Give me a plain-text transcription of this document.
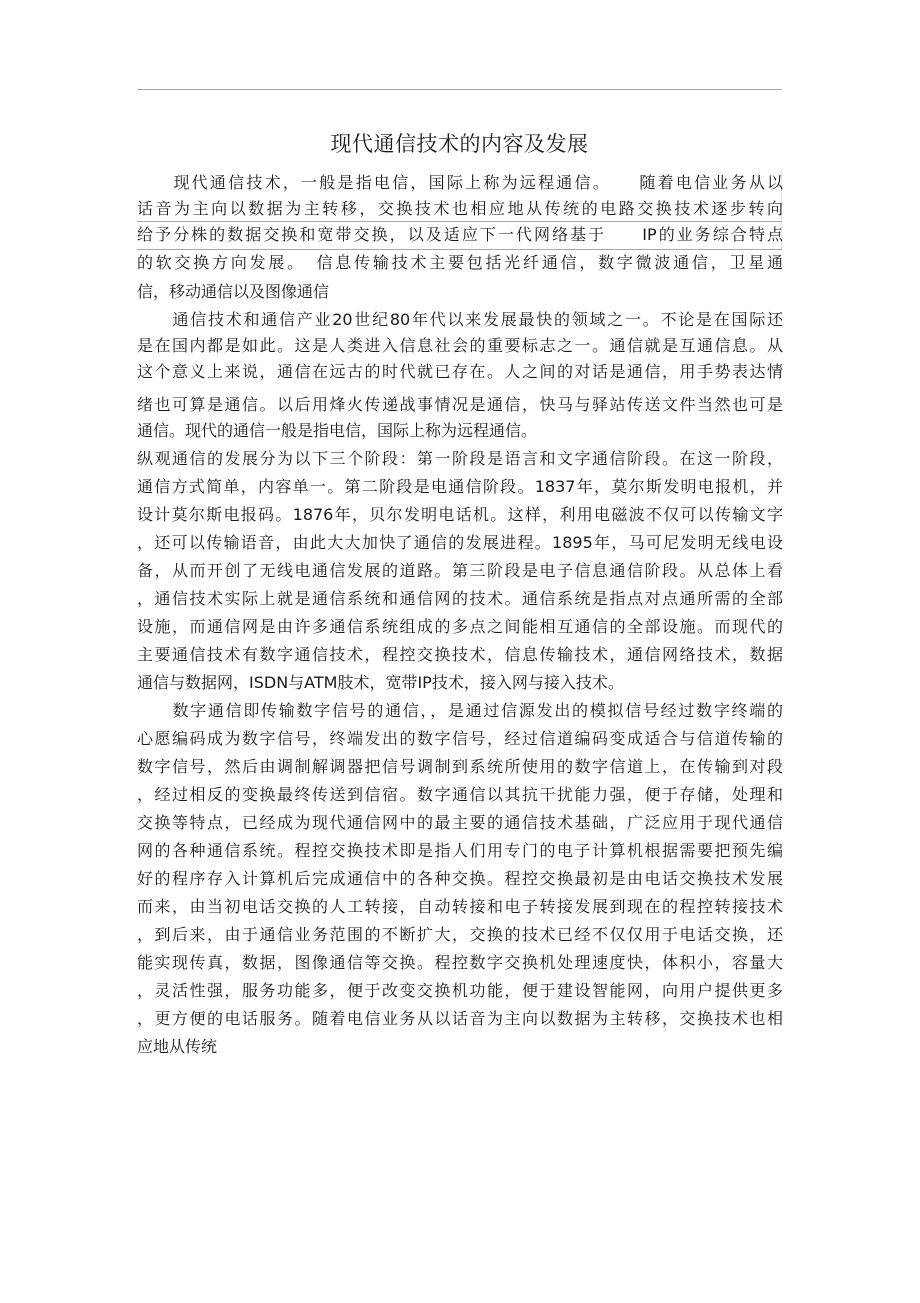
现代通信技术的内容及发展
　　现代通信技术，一般是指电信，国际上称为远程通信。　　随着电信业务从以
话音为主向以数据为主转移，交换技术也相应地从传统的电路交换技术逐步转向
给予分株的数据交换和宽带交换，以及适应下一代网络基于　　IP的业务综合特点
的软交换方向发展。　信息传输技术主要包括光纤通信，数字微波通信，卫星通
信，移动通信以及图像通信
　　通信技术和通信产业20世纪80年代以来发展最快的领域之一。不论是在国际还
是在国内都是如此。这是人类进入信息社会的重要标志之一。通信就是互通信息。从
这个意义上来说，通信在远古的时代就已存在。人之间的对话是通信，用手势表达情
绪也可算是通信。以后用烽火传递战事情况是通信，快马与驿站传送文件当然也可是
通信。现代的通信一般是指电信，国际上称为远程通信。
纵观通信的发展分为以下三个阶段：第一阶段是语言和文字通信阶段。在这一阶段，
通信方式简单，内容单一。第二阶段是电通信阶段。1837年，莫尔斯发明电报机，并
设计莫尔斯电报码。1876年，贝尔发明电话机。这样，利用电磁波不仅可以传输文字
，还可以传输语音，由此大大加快了通信的发展进程。1895年，马可尼发明无线电设
备，从而开创了无线电通信发展的道路。第三阶段是电子信息通信阶段。从总体上看
，通信技术实际上就是通信系统和通信网的技术。通信系统是指点对点通所需的全部
设施，而通信网是由许多通信系统组成的多点之间能相互通信的全部设施。而现代的
主要通信技术有数字通信技术，程控交换技术，信息传输技术，通信网络技术，数据
通信与数据网，ISDN与ATM肢术，宽带IP技术，接入网与接入技术。
　　数字通信即传输数字信号的通信，，是通过信源发出的模拟信号经过数字终端的
心愿编码成为数字信号，终端发出的数字信号，经过信道编码变成适合与信道传输的
数字信号，然后由调制解调器把信号调制到系统所使用的数字信道上，在传输到对段
，经过相反的变换最终传送到信宿。数字通信以其抗干扰能力强，便于存储，处理和
交换等特点，已经成为现代通信网中的最主要的通信技术基础，广泛应用于现代通信
网的各种通信系统。程控交换技术即是指人们用专门的电子计算机根据需要把预先编
好的程序存入计算机后完成通信中的各种交换。程控交换最初是由电话交换技术发展
而来，由当初电话交换的人工转接，自动转接和电子转接发展到现在的程控转接技术
，到后来，由于通信业务范围的不断扩大，交换的技术已经不仅仅用于电话交换，还
能实现传真，数据，图像通信等交换。程控数字交换机处理速度快，体积小，容量大
，灵活性强，服务功能多，便于改变交换机功能，便于建设智能网，向用户提供更多
，更方便的电话服务。随着电信业务从以话音为主向以数据为主转移，交换技术也相
应地从传统
